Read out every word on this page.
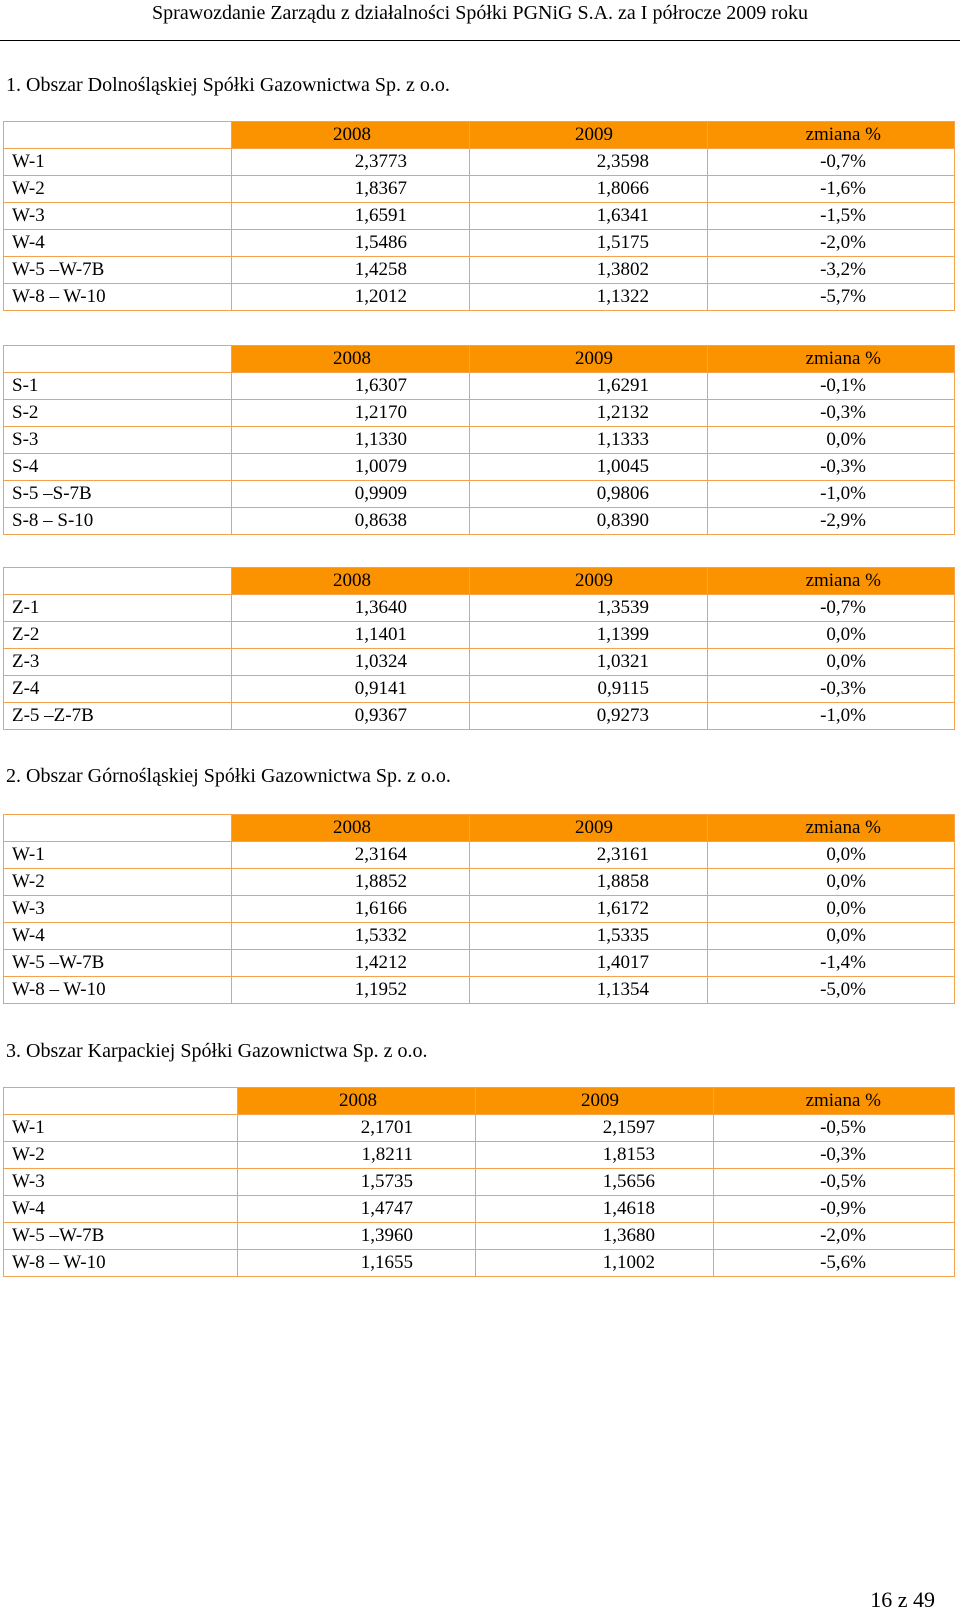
Sprawozdanie Zarządu z działalności Spółki PGNiG S.A. za I półrocze 2009 roku
1. Obszar Dolnośląskiej Spółki Gazownictwa Sp. z o.o.
	2008	2009	zmiana %
W-1	2,3773	2,3598	-0,7%
W-2	1,8367	1,8066	-1,6%
W-3	1,6591	1,6341	-1,5%
W-4	1,5486	1,5175	-2,0%
W-5 –W-7B	1,4258	1,3802	-3,2%
W-8 – W-10	1,2012	1,1322	-5,7%
	2008	2009	zmiana %
S-1	1,6307	1,6291	-0,1%
S-2	1,2170	1,2132	-0,3%
S-3	1,1330	1,1333	0,0%
S-4	1,0079	1,0045	-0,3%
S-5 –S-7B	0,9909	0,9806	-1,0%
S-8 – S-10	0,8638	0,8390	-2,9%
	2008	2009	zmiana %
Z-1	1,3640	1,3539	-0,7%
Z-2	1,1401	1,1399	0,0%
Z-3	1,0324	1,0321	0,0%
Z-4	0,9141	0,9115	-0,3%
Z-5 –Z-7B	0,9367	0,9273	-1,0%
2. Obszar Górnośląskiej Spółki Gazownictwa Sp. z o.o.
	2008	2009	zmiana %
W-1	2,3164	2,3161	0,0%
W-2	1,8852	1,8858	0,0%
W-3	1,6166	1,6172	0,0%
W-4	1,5332	1,5335	0,0%
W-5 –W-7B	1,4212	1,4017	-1,4%
W-8 – W-10	1,1952	1,1354	-5,0%
3. Obszar Karpackiej Spółki Gazownictwa Sp. z o.o.
	2008	2009	zmiana %
W-1	2,1701	2,1597	-0,5%
W-2	1,8211	1,8153	-0,3%
W-3	1,5735	1,5656	-0,5%
W-4	1,4747	1,4618	-0,9%
W-5 –W-7B	1,3960	1,3680	-2,0%
W-8 – W-10	1,1655	1,1002	-5,6%
16 z 49
